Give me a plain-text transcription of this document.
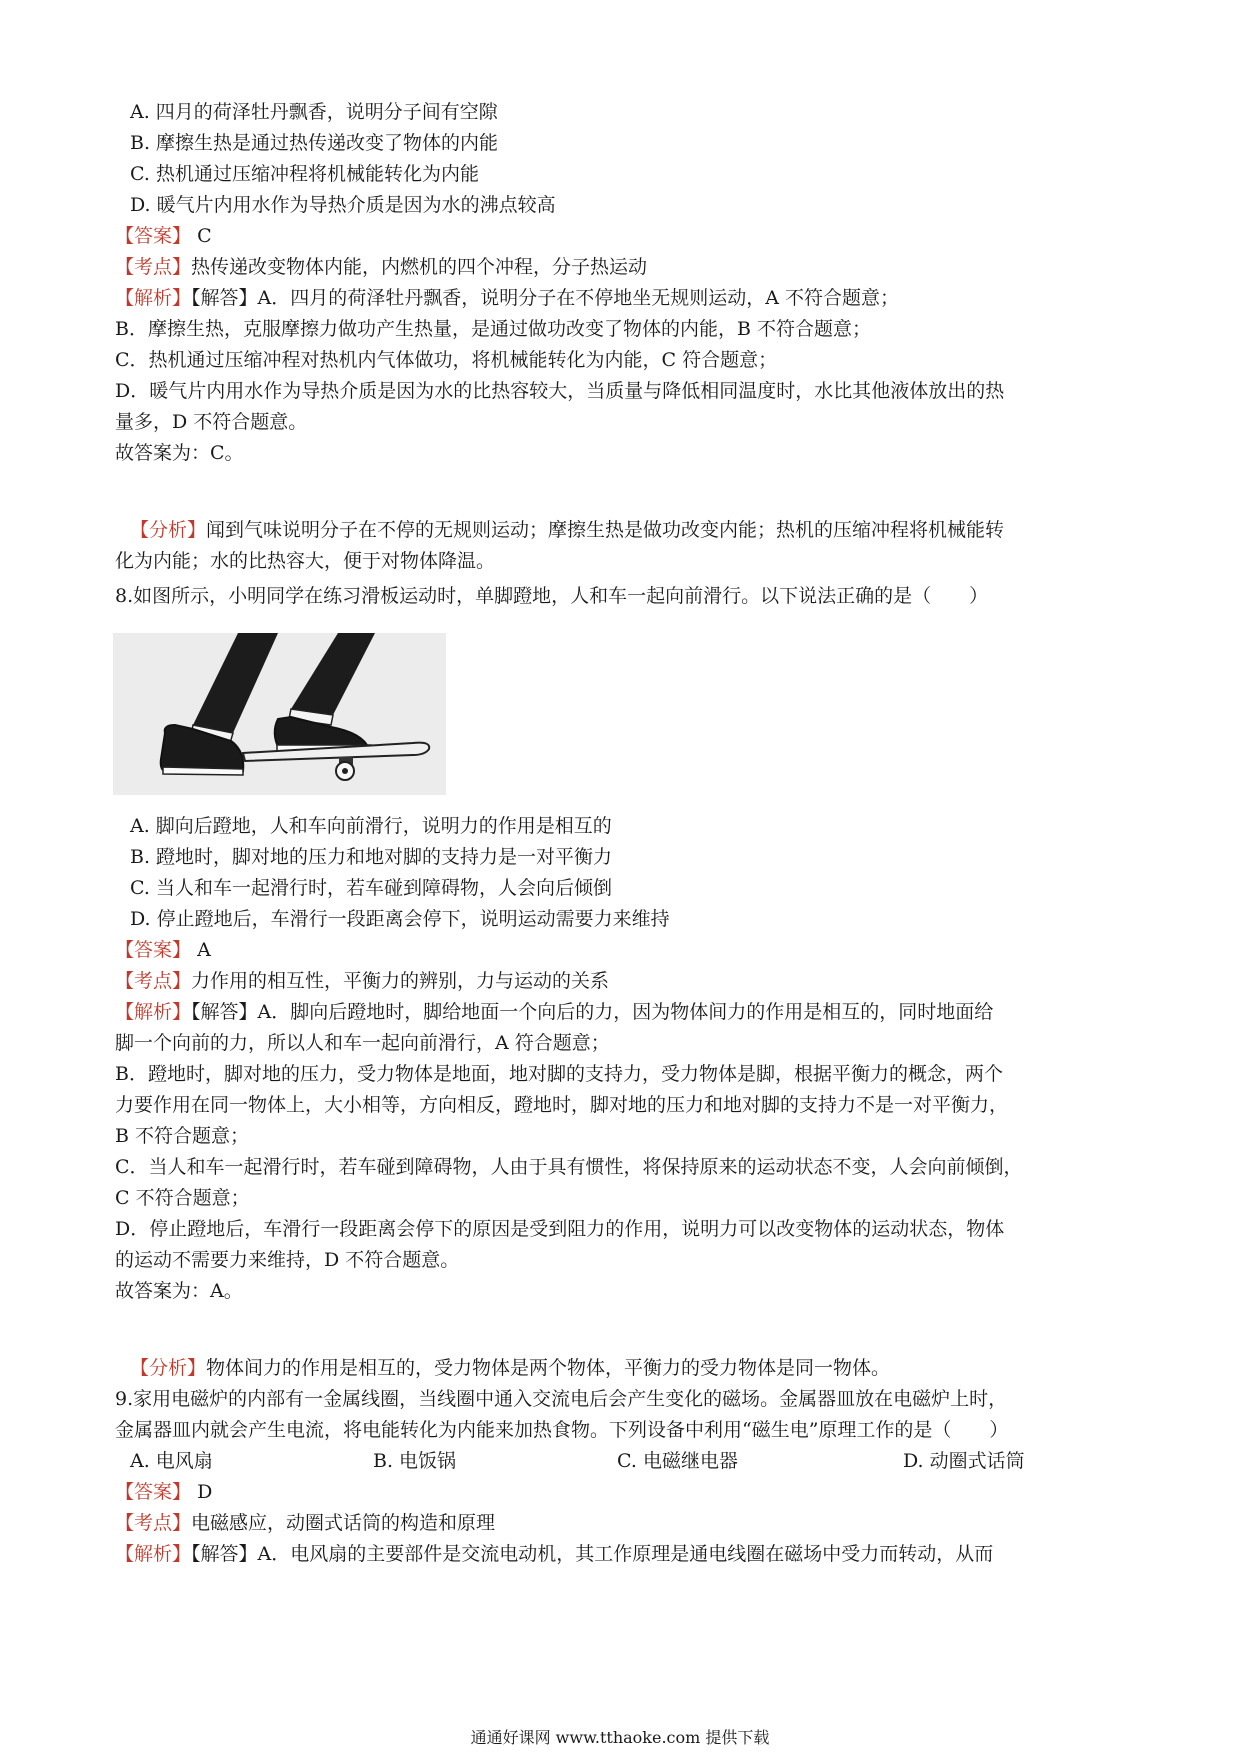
A. 四月的荷泽牡丹飘香，说明分子间有空隙
B. 摩擦生热是通过热传递改变了物体的内能
C. 热机通过压缩冲程将机械能转化为内能
D. 暖气片内用水作为导热介质是因为水的沸点较高
【答案】 C
【考点】热传递改变物体内能，内燃机的四个冲程，分子热运动
【解析】【解答】A．四月的荷泽牡丹飘香，说明分子在不停地坐无规则运动，A 不符合题意；
B．摩擦生热，克服摩擦力做功产生热量，是通过做功改变了物体的内能，B 不符合题意；
C．热机通过压缩冲程对热机内气体做功，将机械能转化为内能，C 符合题意；
D．暖气片内用水作为导热介质是因为水的比热容较大，当质量与降低相同温度时，水比其他液体放出的热
量多，D 不符合题意。
故答案为：C。
【分析】闻到气味说明分子在不停的无规则运动；摩擦生热是做功改变内能；热机的压缩冲程将机械能转
化为内能；水的比热容大，便于对物体降温。
8.如图所示，小明同学在练习滑板运动时，单脚蹬地，人和车一起向前滑行。以下说法正确的是（　　）
A. 脚向后蹬地，人和车向前滑行，说明力的作用是相互的
B. 蹬地时，脚对地的压力和地对脚的支持力是一对平衡力
C. 当人和车一起滑行时，若车碰到障碍物，人会向后倾倒
D. 停止蹬地后，车滑行一段距离会停下，说明运动需要力来维持
【答案】 A
【考点】力作用的相互性，平衡力的辨别，力与运动的关系
【解析】【解答】A．脚向后蹬地时，脚给地面一个向后的力，因为物体间力的作用是相互的，同时地面给
脚一个向前的力，所以人和车一起向前滑行，A 符合题意；
B．蹬地时，脚对地的压力，受力物体是地面，地对脚的支持力，受力物体是脚，根据平衡力的概念，两个
力要作用在同一物体上，大小相等，方向相反，蹬地时，脚对地的压力和地对脚的支持力不是一对平衡力，
B 不符合题意；
C．当人和车一起滑行时，若车碰到障碍物，人由于具有惯性，将保持原来的运动状态不变，人会向前倾倒，
C 不符合题意；
D．停止蹬地后，车滑行一段距离会停下的原因是受到阻力的作用，说明力可以改变物体的运动状态，物体
的运动不需要力来维持，D 不符合题意。
故答案为：A。
【分析】物体间力的作用是相互的，受力物体是两个物体，平衡力的受力物体是同一物体。
9.家用电磁炉的内部有一金属线圈，当线圈中通入交流电后会产生变化的磁场。金属器皿放在电磁炉上时，
金属器皿内就会产生电流，将电能转化为内能来加热食物。下列设备中利用“磁生电”原理工作的是（　　）
A. 电风扇	B. 电饭锅	C. 电磁继电器	D. 动圈式话筒
【答案】 D
【考点】电磁感应，动圈式话筒的构造和原理
【解析】【解答】A．电风扇的主要部件是交流电动机，其工作原理是通电线圈在磁场中受力而转动，从而
通通好课网 www.tthaoke.com 提供下载
